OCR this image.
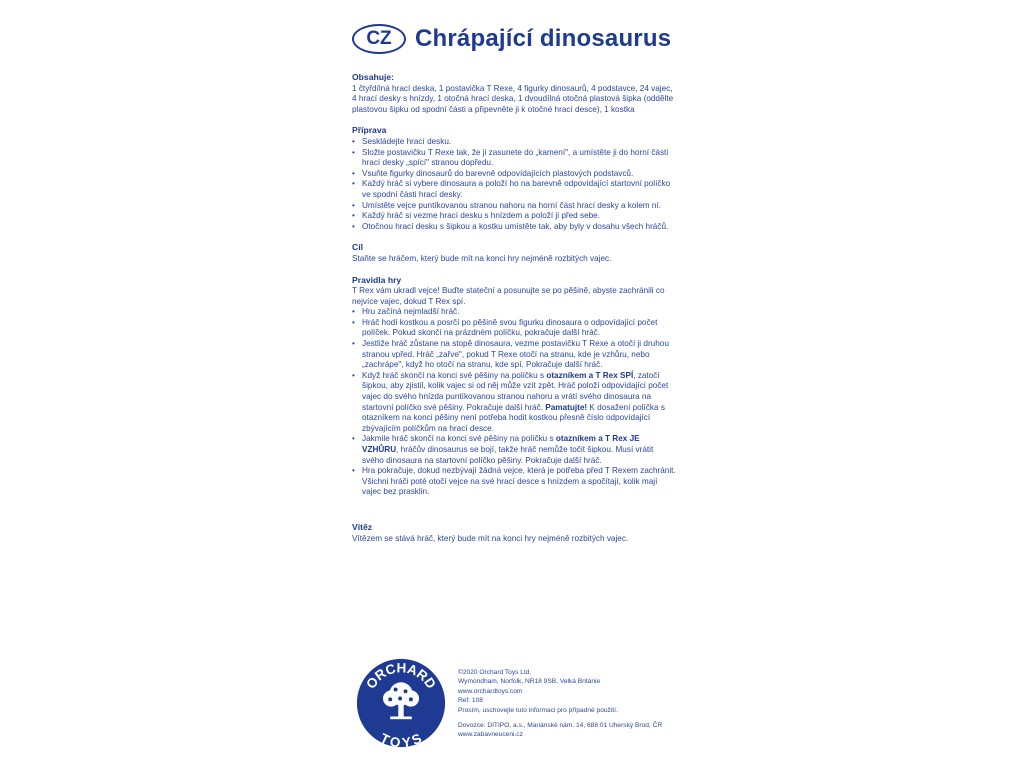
CZ Chrápající dinosaurus
Obsahuje:

1 čtyřdílná hrací deska, 1 postavička T Rexe, 4 figurky dinosaurů, 4 podstavce, 24 vajec, 4 hrací desky s hnízdy, 1 otočná hrací deska, 1 dvoudílná otočná plastová šipka (oddělte plastovou šipku od spodní části a připevněte ji k otočné hrací desce), 1 kostka

Příprava
• Seskládejte hrací desku.
• Složte postavičku T Rexe tak, že ji zasunete do „kamení", a umístěte ji do horní části hrací desky „spící" stranou dopředu.
• Vsuňte figurky dinosaurů do barevně odpovídajících plastových podstavců.
• Každý hráč si vybere dinosaura a položí ho na barevně odpovídající startovní políčko ve spodní části hrací desky.
• Umístěte vejce puntíkovanou stranou nahoru na horní část hrací desky a kolem ní.
• Každý hráč si vezme hrací desku s hnízdem a položí ji před sebe.
• Otočnou hrací desku s šipkou a kostku umístěte tak, aby byly v dosahu všech hráčů.
Cíl

Staňte se hráčem, který bude mít na konci hry nejméně rozbitých vajec.

Pravidla hry

T Rex vám ukradl vejce! Buďte stateční a posunujte se po pěšině, abyste zachránili co nejvíce vajec, dokud T Rex spí.

• Hru začíná nejmladší hráč.
• Hráč hodí kostkou a posrčí po pěšině svou figurku dinosaura o odpovídající počet políček. Pokud skončí na prázdném políčku, pokračuje další hráč.
• Jestliže hráč zůstane na stopě dinosaura, vezme postavičku T Rexe a otočí ji druhou stranou vpřed. Hráč „zařve", pokud T Rexe otočí na stranu, kde je vzhůru, nebo „zachrápe", když ho otočí na stranu, kde spí. Pokračuje další hráč.
• Když hráč skončí na konci své pěšiny na políčku s otazníkem a T Rex SPÍ, zatočí šipkou, aby zjistil, kolik vajec si od něj může vzít zpět. Hráč položí odpovídající počet vajec do svého hnízda puntíkovanou stranou nahoru a vrátí svého dinosaura na startovní políčko své pěšiny. Pokračuje další hráč. Pamatujte! K dosažení políčka s otazníkem na konci pěšiny není potřeba hodit kostkou přesně číslo odpovídající zbývajícím políčkům na hrací desce.
• Jakmile hráč skončí na konci své pěšiny na políčku s otazníkem a T Rex JE VZHŮRU, hráčův dinosaurus se bojí, takže hráč nemůže točit šipkou. Musí vrátit svého dinosaura na startovní políčko pěšiny. Pokračuje další hráč.
• Hra pokračuje, dokud nezbývají žádná vejce, která je potřeba před T Rexem zachránit. Všichni hráči poté otočí vejce na své hrací desce s hnízdem a spočítají, kolik mají vajec bez prasklin.
Vítěz

Vítězem se stává hráč, který bude mít na konci hry nejméně rozbitých vajec.

ORCHARD
TOYS
©2020 Orchard Toys Ltd.
Wymondham, Norfolk, NR18 9SB, Velká Británie
www.orchardtoys.com
Ref: 108
Prosím, uschovejte tuto informaci pro případné použití.
Dovozce: DITIPO, a.s., Mariánské nám. 14, 688 01 Uherský Brod, ČR
www.zabavneuceni.cz
